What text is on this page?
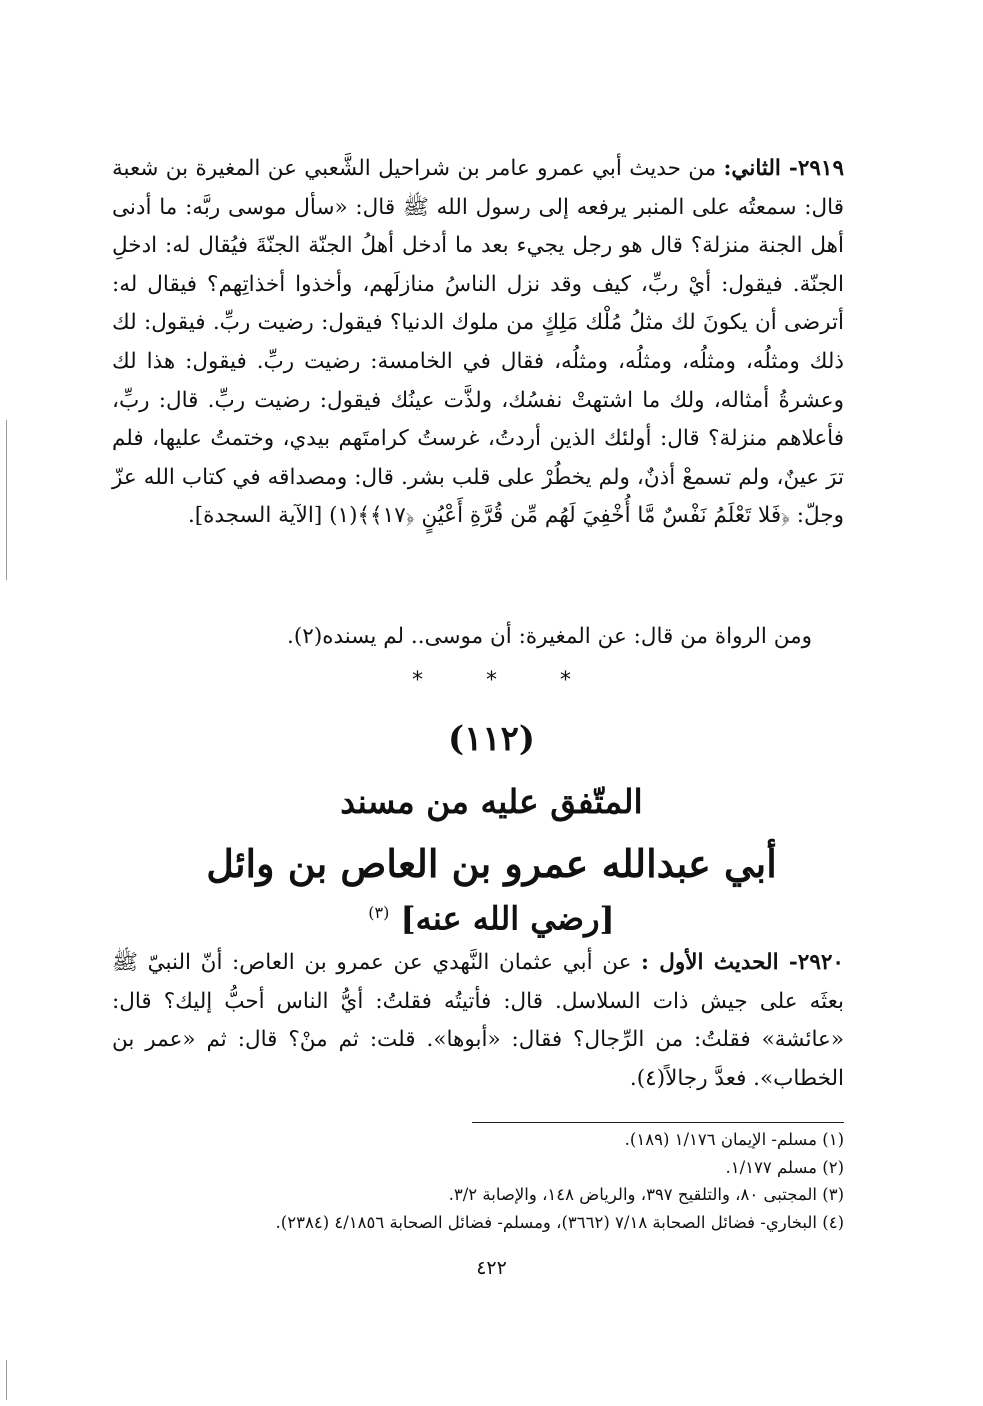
٢٩١٩- الثاني: من حديث أبي عمرو عامر بن شراحيل الشَّعبي عن المغيرة بن شعبة قال: سمعتُه على المنبر يرفعه إلى رسول الله ﷺ قال: «سأل موسى ربَّه: ما أدنى أهل الجنة منزلة؟ قال هو رجل يجيء بعد ما أدخل أهلُ الجنّة الجنّةَ فيُقال له: ادخلِ الجنّة. فيقول: أيْ ربِّ، كيف وقد نزل الناسُ منازلَهم، وأخذوا أخذاتِهم؟ فيقال له: أترضى أن يكونَ لك مثلُ مُلْك مَلِكٍ من ملوك الدنيا؟ فيقول: رضيت ربِّ. فيقول: لك ذلك ومثلُه، ومثلُه، ومثلُه، ومثلُه، فقال في الخامسة: رضيت ربِّ. فيقول: هذا لك وعشرةُ أمثاله، ولك ما اشتهتْ نفسُك، ولذَّت عينُك فيقول: رضيت ربِّ. قال: ربِّ، فأعلاهم منزلة؟ قال: أولئك الذين أردتُ، غرستُ كرامتَهم بيدي، وختمتُ عليها، فلم ترَ عينٌ، ولم تسمعْ أذنٌ، ولم يخطُرْ على قلب بشر. قال: ومصداقه في كتاب الله عزّ وجلّ: ﴿فَلا تَعْلَمُ نَفْسٌ مَّا أُخْفِيَ لَهُم مِّن قُرَّةِ أَعْيُنٍ ﴿١٧﴾﴾(١) [الآية السجدة].

ومن الرواة من قال: عن المغيرة: أن موسى.. لم يسنده(٢).

* * *
(١١٢)
المتّفق عليه من مسند
أبي عبدالله عمرو بن العاص بن وائل
[رضي الله عنه] $^{(٣)}$

٢٩٢٠- الحديث الأول : عن أبي عثمان النَّهدي عن عمرو بن العاص: أنّ النبيّ ﷺ بعثَه على جيش ذات السلاسل. قال: فأتيتُه فقلتُ: أيُّ الناس أحبُّ إليك؟ قال: «عائشة» فقلتُ: من الرِّجال؟ فقال: «أبوها». قلت: ثم منْ؟ قال: ثم «عمر بن الخطاب». فعدَّ رجالاً(٤).

(١) مسلم- الإيمان ١/١٧٦ (١٨٩).
(٢) مسلم ١/١٧٧.
(٣) المجتبى ٨٠، والتلقيح ٣٩٧، والرياض ١٤٨، والإصابة ٣/٢.
(٤) البخاري- فضائل الصحابة ٧/١٨ (٣٦٦٢)، ومسلم- فضائل الصحابة ٤/١٨٥٦ (٢٣٨٤).
٤٢٢
